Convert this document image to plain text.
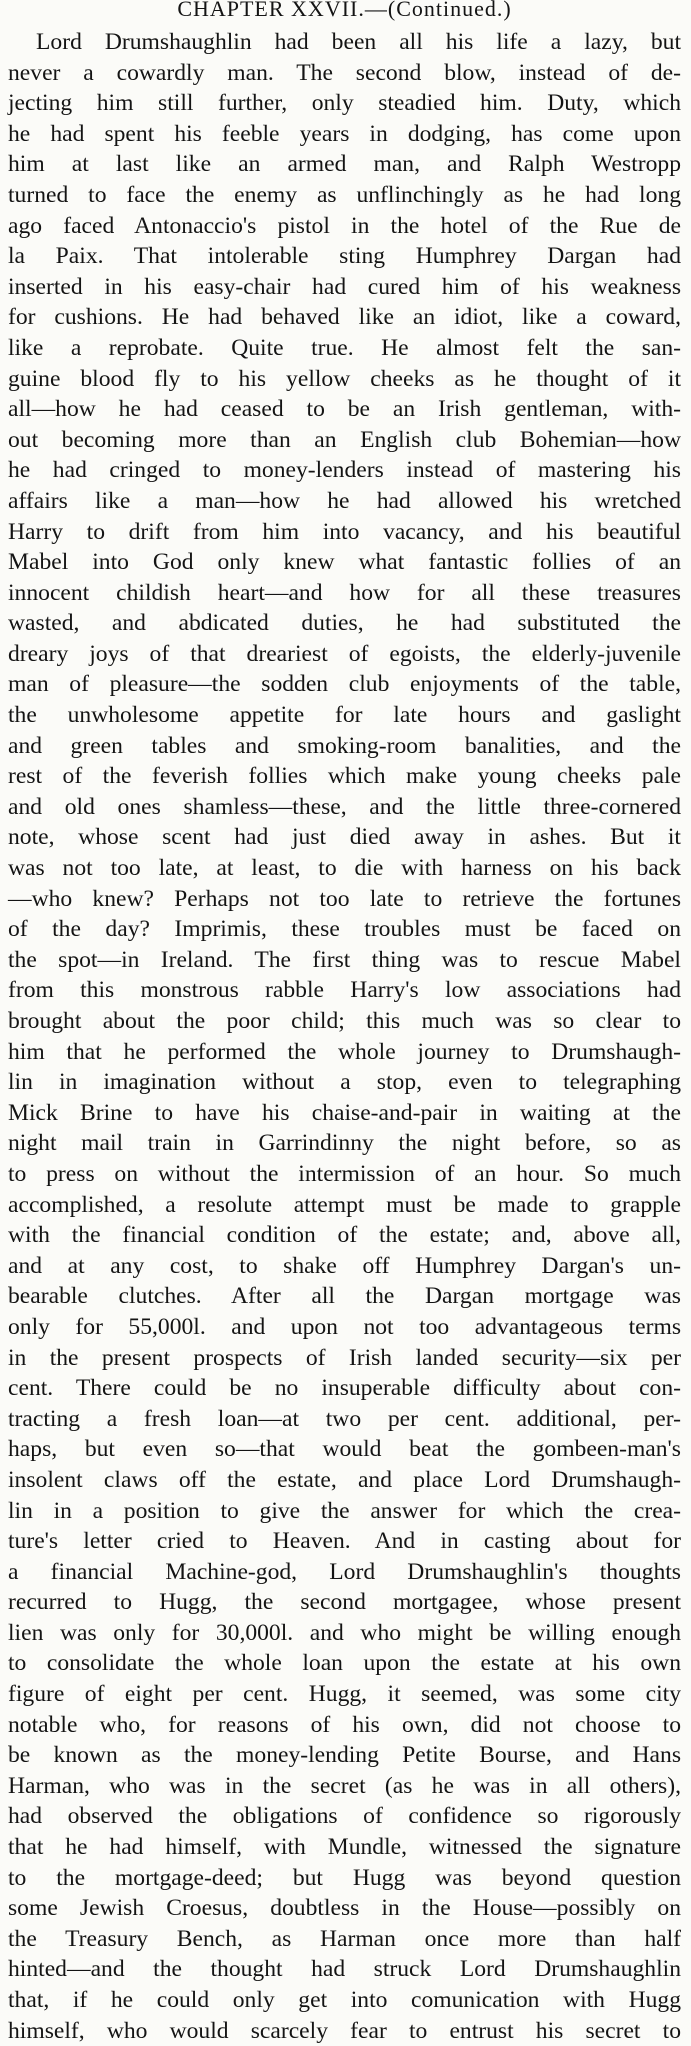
CHAPTER XXVII.—(Continued.)
Lord Drumshaughlin had been all his life a lazy, but
never a cowardly man. The second blow, instead of de-
jecting him still further, only steadied him. Duty, which
he had spent his feeble years in dodging, has come upon
him at last like an armed man, and Ralph Westropp
turned to face the enemy as unflinchingly as he had long
ago faced Antonaccio's pistol in the hotel of the Rue de
la Paix. That intolerable sting Humphrey Dargan had
inserted in his easy-chair had cured him of his weakness
for cushions. He had behaved like an idiot, like a coward,
like a reprobate. Quite true. He almost felt the san-
guine blood fly to his yellow cheeks as he thought of it
all—how he had ceased to be an Irish gentleman, with-
out becoming more than an English club Bohemian—how
he had cringed to money-lenders instead of mastering his
affairs like a man—how he had allowed his wretched
Harry to drift from him into vacancy, and his beautiful
Mabel into God only knew what fantastic follies of an
innocent childish heart—and how for all these treasures
wasted, and abdicated duties, he had substituted the
dreary joys of that dreariest of egoists, the elderly-juvenile
man of pleasure—the sodden club enjoyments of the table,
the unwholesome appetite for late hours and gaslight
and green tables and smoking-room banalities, and the
rest of the feverish follies which make young cheeks pale
and old ones shamless—these, and the little three-cornered
note, whose scent had just died away in ashes. But it
was not too late, at least, to die with harness on his back
—who knew? Perhaps not too late to retrieve the fortunes
of the day? Imprimis, these troubles must be faced on
the spot—in Ireland. The first thing was to rescue Mabel
from this monstrous rabble Harry's low associations had
brought about the poor child; this much was so clear to
him that he performed the whole journey to Drumshaugh-
lin in imagination without a stop, even to telegraphing
Mick Brine to have his chaise-and-pair in waiting at the
night mail train in Garrindinny the night before, so as
to press on without the intermission of an hour. So much
accomplished, a resolute attempt must be made to grapple
with the financial condition of the estate; and, above all,
and at any cost, to shake off Humphrey Dargan's un-
bearable clutches. After all the Dargan mortgage was
only for 55,000l. and upon not too advantageous terms
in the present prospects of Irish landed security—six per
cent. There could be no insuperable difficulty about con-
tracting a fresh loan—at two per cent. additional, per-
haps, but even so—that would beat the gombeen-man's
insolent claws off the estate, and place Lord Drumshaugh-
lin in a position to give the answer for which the crea-
ture's letter cried to Heaven. And in casting about for
a financial Machine-god, Lord Drumshaughlin's thoughts
recurred to Hugg, the second mortgagee, whose present
lien was only for 30,000l. and who might be willing enough
to consolidate the whole loan upon the estate at his own
figure of eight per cent. Hugg, it seemed, was some city
notable who, for reasons of his own, did not choose to
be known as the money-lending Petite Bourse, and Hans
Harman, who was in the secret (as he was in all others),
had observed the obligations of confidence so rigorously
that he had himself, with Mundle, witnessed the signature
to the mortgage-deed; but Hugg was beyond question
some Jewish Croesus, doubtless in the House—possibly on
the Treasury Bench, as Harman once more than half
hinted—and the thought had struck Lord Drumshaughlin
that, if he could only get into comunication with Hugg
himself, who would scarcely fear to entrust his secret to
